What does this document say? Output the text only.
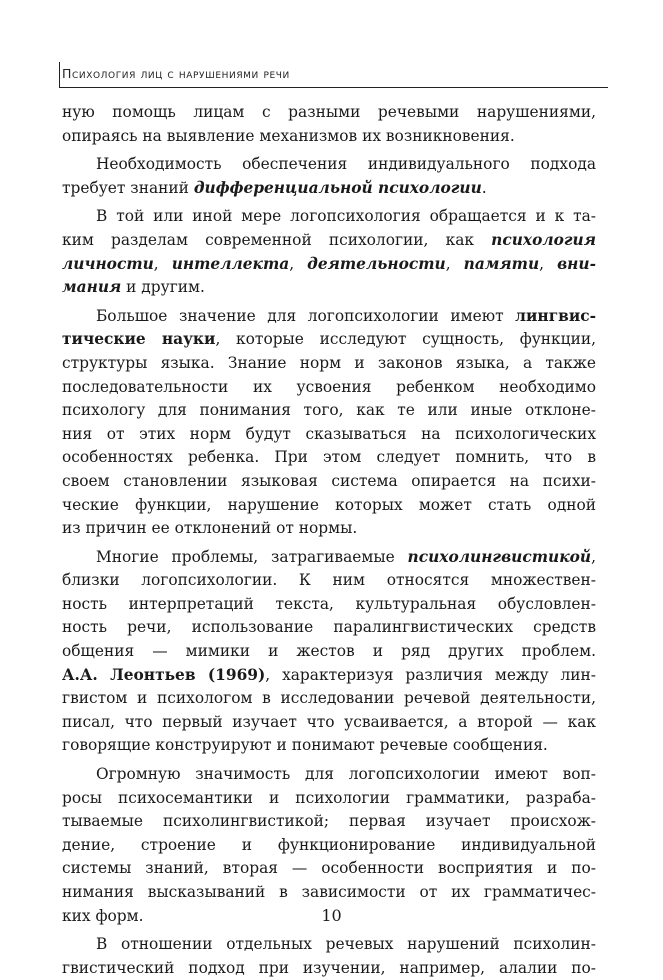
Психология лиц с нарушениями речи
ную помощь лицам с разными речевыми нарушениями,
опираясь на выявление механизмов их возникновения.
Необходимость обеспечения индивидуального подхода
требует знаний дифференциальной психологии.
В той или иной мере логопсихология обращается и к та-
ким разделам современной психологии, как психология
личности, интеллекта, деятельности, памяти, вни-
мания и другим.
Большое значение для логопсихологии имеют лингвис-
тические науки, которые исследуют сущность, функции,
структуры языка. Знание норм и законов языка, а также
последовательности их усвоения ребенком необходимо
психологу для понимания того, как те или иные отклоне-
ния от этих норм будут сказываться на психологических
особенностях ребенка. При этом следует помнить, что в
своем становлении языковая система опирается на психи-
ческие функции, нарушение которых может стать одной
из причин ее отклонений от нормы.
Многие проблемы, затрагиваемые психолингвистикой,
близки логопсихологии. К ним относятся множествен-
ность интерпретаций текста, культуральная обусловлен-
ность речи, использование паралингвистических средств
общения — мимики и жестов и ряд других проблем.
А.А. Леонтьев (1969), характеризуя различия между лин-
гвистом и психологом в исследовании речевой деятельности,
писал, что первый изучает что усваивается, а второй — как
говорящие конструируют и понимают речевые сообщения.
Огромную значимость для логопсихологии имеют воп-
росы психосемантики и психологии грамматики, разраба-
тываемые психолингвистикой; первая изучает происхож-
дение, строение и функционирование индивидуальной
системы знаний, вторая — особенности восприятия и по-
нимания высказываний в зависимости от их грамматичес-
ких форм.
В отношении отдельных речевых нарушений психолин-
гвистический подход при изучении, например, алалии по-
10
